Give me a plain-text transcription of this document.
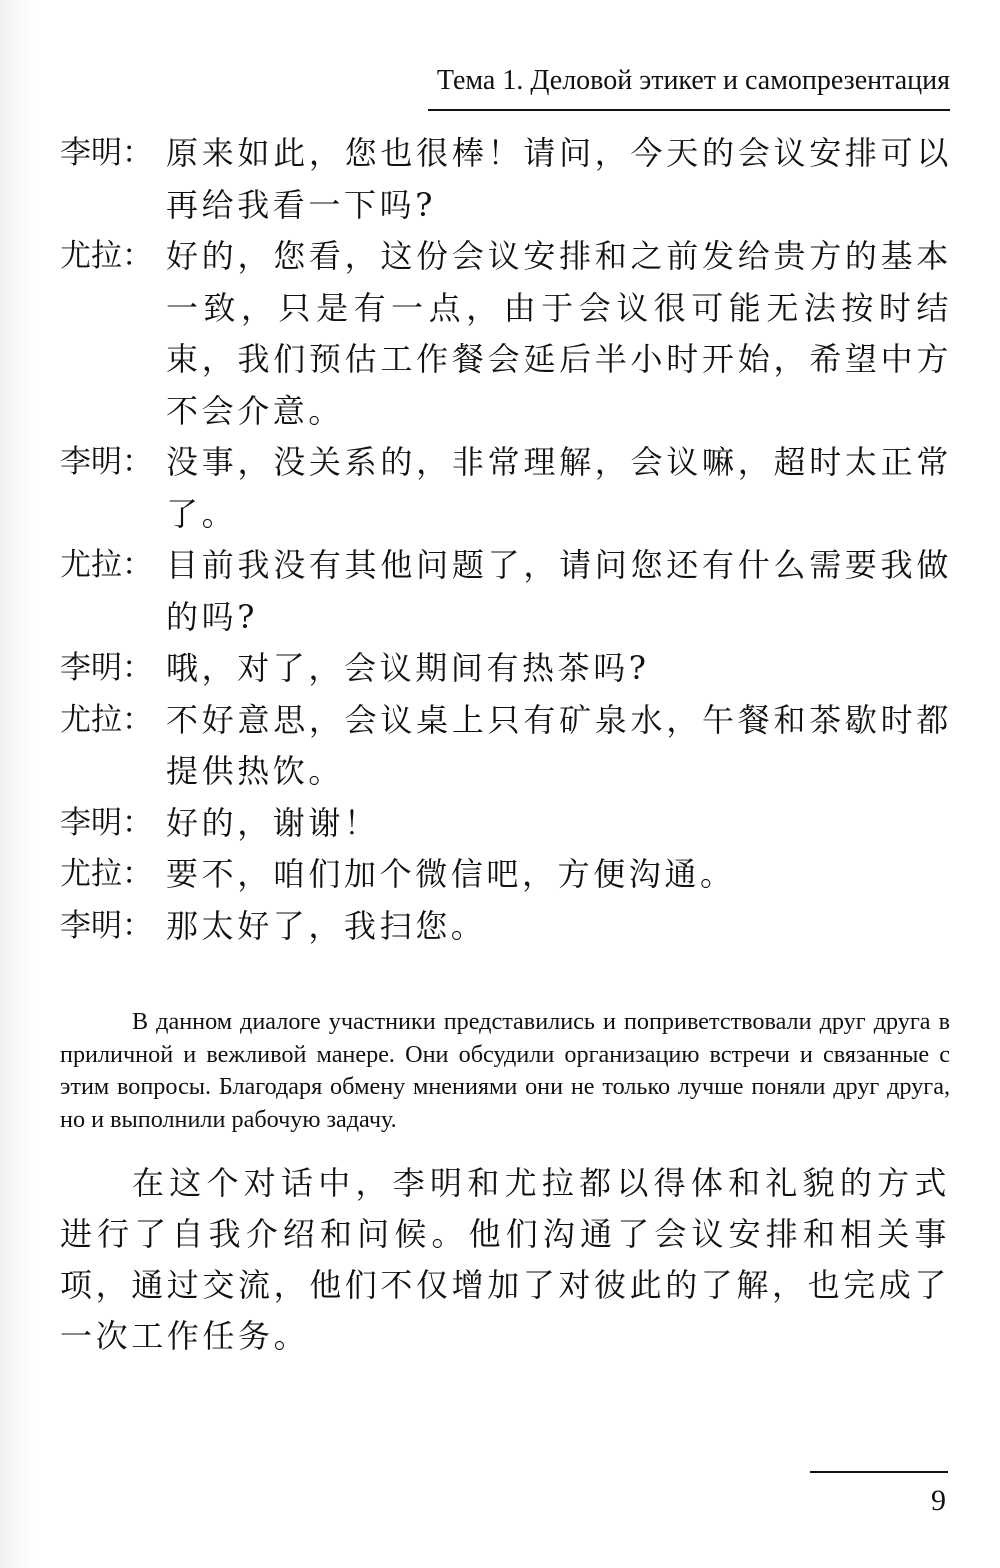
Тема 1. Деловой этикет и самопрезентация
李明： 原来如此，您也很棒！请问，今天的会议安排可以再给我看一下吗?
尤拉： 好的，您看，这份会议安排和之前发给贵方的基本一致，只是有一点，由于会议很可能无法按时结束，我们预估工作餐会延后半小时开始，希望中方不会介意。
李明： 没事，没关系的，非常理解，会议嘛，超时太正常了。
尤拉： 目前我没有其他问题了，请问您还有什么需要我做的吗?
李明： 哦，对了，会议期间有热茶吗?
尤拉： 不好意思，会议桌上只有矿泉水，午餐和茶歇时都提供热饮。
李明： 好的，谢谢！
尤拉： 要不，咱们加个微信吧，方便沟通。
李明： 那太好了，我扫您。

В данном диалоге участники представились и поприветствовали друг друга в приличной и вежливой манере. Они обсудили организацию встречи и связанные с этим вопросы. Благодаря обмену мнениями они не только лучше поняли друг друга, но и выполнили рабочую задачу.

在这个对话中，李明和尤拉都以得体和礼貌的方式进行了自我介绍和问候。他们沟通了会议安排和相关事项，通过交流，他们不仅增加了对彼此的了解，也完成了一次工作任务。

9
